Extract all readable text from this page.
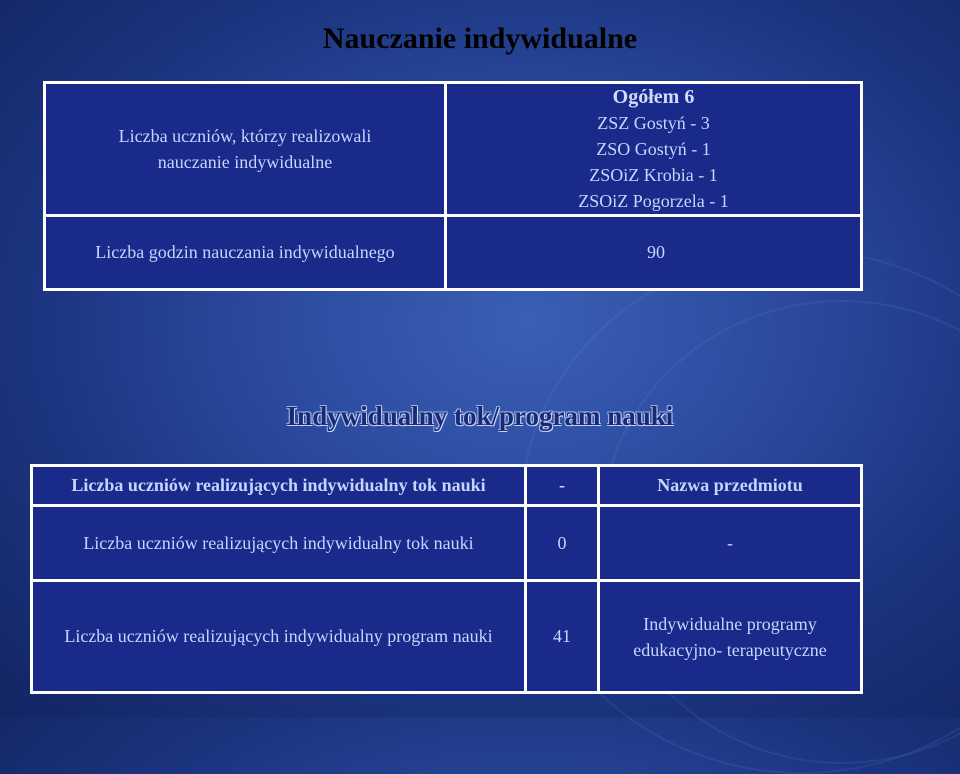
Nauczanie indywidualne
Liczba uczniów, którzy realizowali
nauczanie indywidualne	Ogółem 6
ZSZ Gostyń - 3
ZSO Gostyń - 1
ZSOiZ Krobia - 1
ZSOiZ Pogorzela - 1

Liczba godzin nauczania indywidualnego	90
Indywidualny tok/program nauki
Liczba uczniów realizujących indywidualny tok nauki	-	Nazwa przedmiotu
Liczba uczniów realizujących indywidualny tok nauki	0	-
Liczba uczniów realizujących indywidualny program nauki	41	Indywidualne programy
edukacyjno- terapeutyczne
